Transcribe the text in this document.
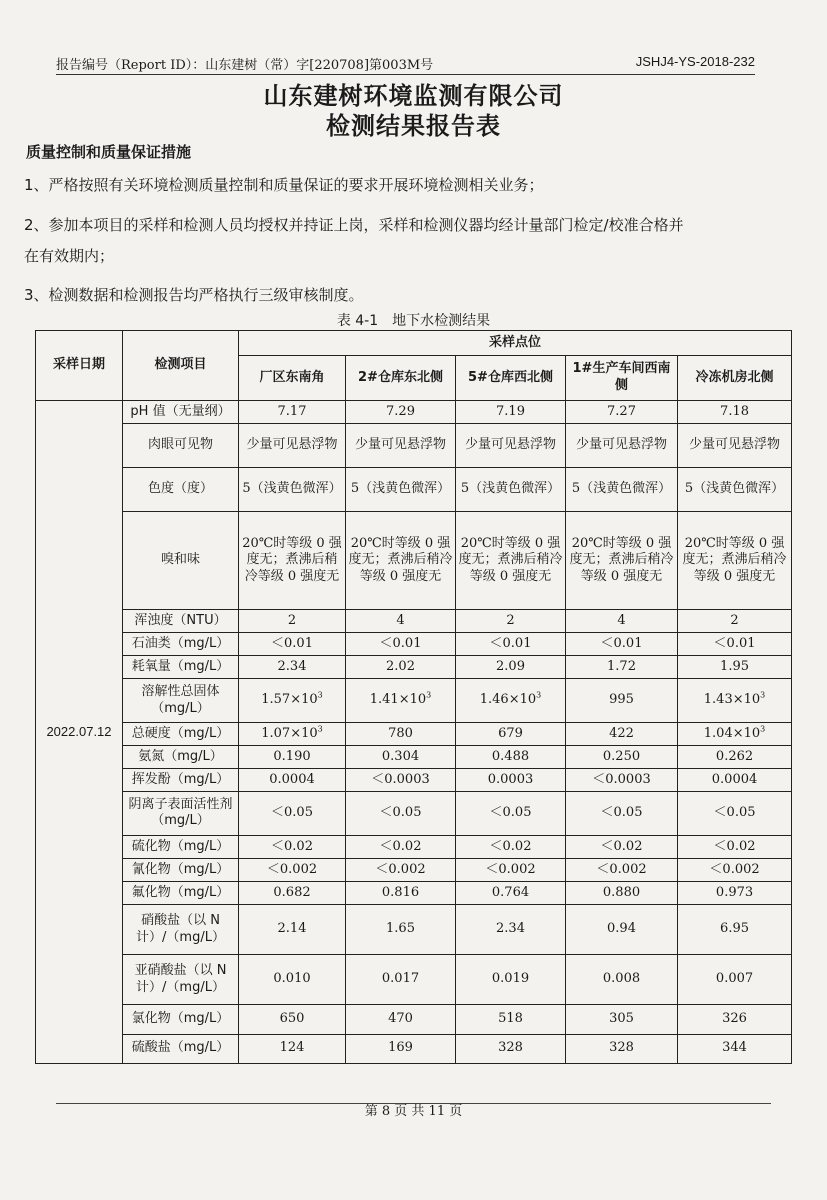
报告编号（Report ID）：山东建树（常）字[220708]第003M号	JSHJ4-YS-2018-232
山东建树环境监测有限公司
检测结果报告表
质量控制和质量保证措施
1、严格按照有关环境检测质量控制和质量保证的要求开展环境检测相关业务；
2、参加本项目的采样和检测人员均授权并持证上岗，采样和检测仪器均经计量部门检定/校准合格并
在有效期内；
3、检测数据和检测报告均严格执行三级审核制度。
表 4-1　地下水检测结果
采样日期	检测项目	采样点位				
		厂区东南角	2#仓库东北侧	5#仓库西北侧	1#生产车间西南侧	冷冻机房北侧
2022.07.12	pH 值（无量纲）	7.17	7.29	7.19	7.27	7.18
	肉眼可见物	少量可见悬浮物	少量可见悬浮物	少量可见悬浮物	少量可见悬浮物	少量可见悬浮物
	色度（度）	5（浅黄色微浑）	5（浅黄色微浑）	5（浅黄色微浑）	5（浅黄色微浑）	5（浅黄色微浑）
	嗅和味	20℃时等级 0 强度无；煮沸后稍冷等级 0 强度无	20℃时等级 0 强度无；煮沸后稍冷等级 0 强度无	20℃时等级 0 强度无；煮沸后稍冷等级 0 强度无	20℃时等级 0 强度无；煮沸后稍冷等级 0 强度无	20℃时等级 0 强度无；煮沸后稍冷等级 0 强度无
	浑浊度（NTU）	2	4	2	4	2
	石油类（mg/L）	＜0.01	＜0.01	＜0.01	＜0.01	＜0.01
	耗氧量（mg/L）	2.34	2.02	2.09	1.72	1.95
	溶解性总固体（mg/L）	$1.57\times 10^3$	$1.41\times 10^3$	$1.46\times 10^3$	995	$1.43\times 10^3$
	总硬度（mg/L）	$1.07\times 10^3$	780	679	422	$1.04\times 10^3$
	氨氮（mg/L）	0.190	0.304	0.488	0.250	0.262
	挥发酚（mg/L）	0.0004	＜0.0003	0.0003	＜0.0003	0.0004
	阴离子表面活性剂（mg/L）	＜0.05	＜0.05	＜0.05	＜0.05	＜0.05
	硫化物（mg/L）	＜0.02	＜0.02	＜0.02	＜0.02	＜0.02
	氰化物（mg/L）	＜0.002	＜0.002	＜0.002	＜0.002	＜0.002
	氟化物（mg/L）	0.682	0.816	0.764	0.880	0.973
	硝酸盐（以 N 计）/（mg/L）	2.14	1.65	2.34	0.94	6.95
	亚硝酸盐（以 N 计）/（mg/L）	0.010	0.017	0.019	0.008	0.007
	氯化物（mg/L）	650	470	518	305	326
	硫酸盐（mg/L）	124	169	328	328	344
第 8 页 共 11 页
